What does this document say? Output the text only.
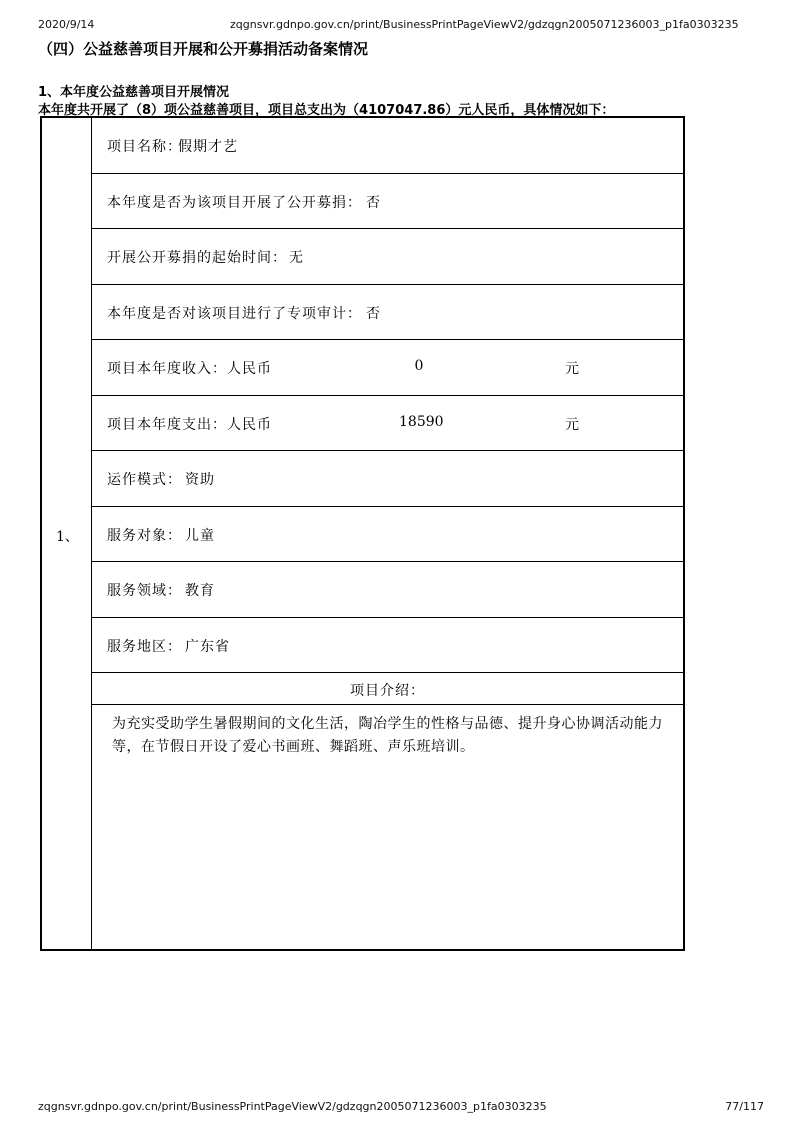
2020/9/14	zqgnsvr.gdnpo.gov.cn/print/BusinessPrintPageViewV2/gdzqgn2005071236003_p1fa0303235
（四）公益慈善项目开展和公开募捐活动备案情况
1、本年度公益慈善项目开展情况
本年度共开展了（8）项公益慈善项目，项目总支出为（4107047.86）元人民币，具体情况如下：
1、
项目名称：
假期才艺
本年度是否为该项目开展了公开募捐： 否
开展公开募捐的起始时间： 无
本年度是否对该项目进行了专项审计： 否
项目本年度收入：人民币	0	元
项目本年度支出：人民币	18590	元
运作模式： 资助
服务对象： 儿童
服务领域： 教育
服务地区： 广东省
项目介绍：
为充实受助学生暑假期间的文化生活，陶冶学生的性格与品德、提升身心协调活动能力等，在节假日开设了爱心书画班、舞蹈班、声乐班培训。
zqgnsvr.gdnpo.gov.cn/print/BusinessPrintPageViewV2/gdzqgn2005071236003_p1fa0303235	77/117
